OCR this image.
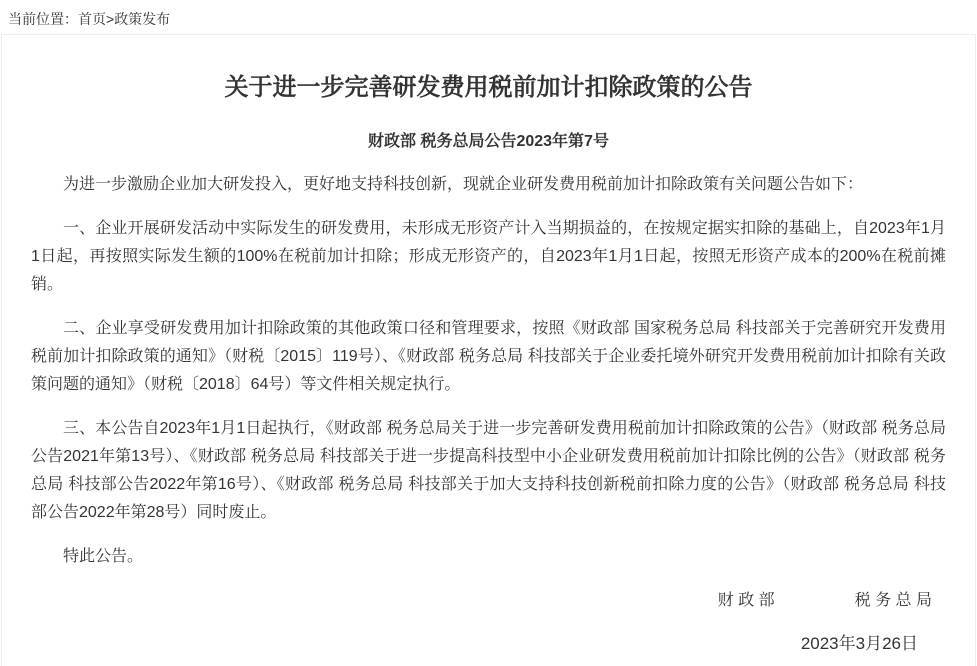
当前位置：首页>政策发布
关于进一步完善研发费用税前加计扣除政策的公告
财政部 税务总局公告2023年第7号

为进一步激励企业加大研发投入，更好地支持科技创新，现就企业研发费用税前加计扣除政策有关问题公告如下：

一、企业开展研发活动中实际发生的研发费用，未形成无形资产计入当期损益的，在按规定据实扣除的基础上，自2023年1月1日起，再按照实际发生额的100%在税前加计扣除；形成无形资产的，自2023年1月1日起，按照无形资产成本的200%在税前摊销。

二、企业享受研发费用加计扣除政策的其他政策口径和管理要求，按照《财政部 国家税务总局 科技部关于完善研究开发费用税前加计扣除政策的通知》（财税〔2015〕119号）、《财政部 税务总局 科技部关于企业委托境外研究开发费用税前加计扣除有关政策问题的通知》（财税〔2018〕64号）等文件相关规定执行。

三、本公告自2023年1月1日起执行，《财政部 税务总局关于进一步完善研发费用税前加计扣除政策的公告》（财政部 税务总局公告2021年第13号）、《财政部 税务总局 科技部关于进一步提高科技型中小企业研发费用税前加计扣除比例的公告》（财政部 税务总局 科技部公告2022年第16号）、《财政部 税务总局 科技部关于加大支持科技创新税前扣除力度的公告》（财政部 税务总局 科技部公告2022年第28号）同时废止。

特此公告。

财 政 部	税 务 总 局
2023年3月26日
